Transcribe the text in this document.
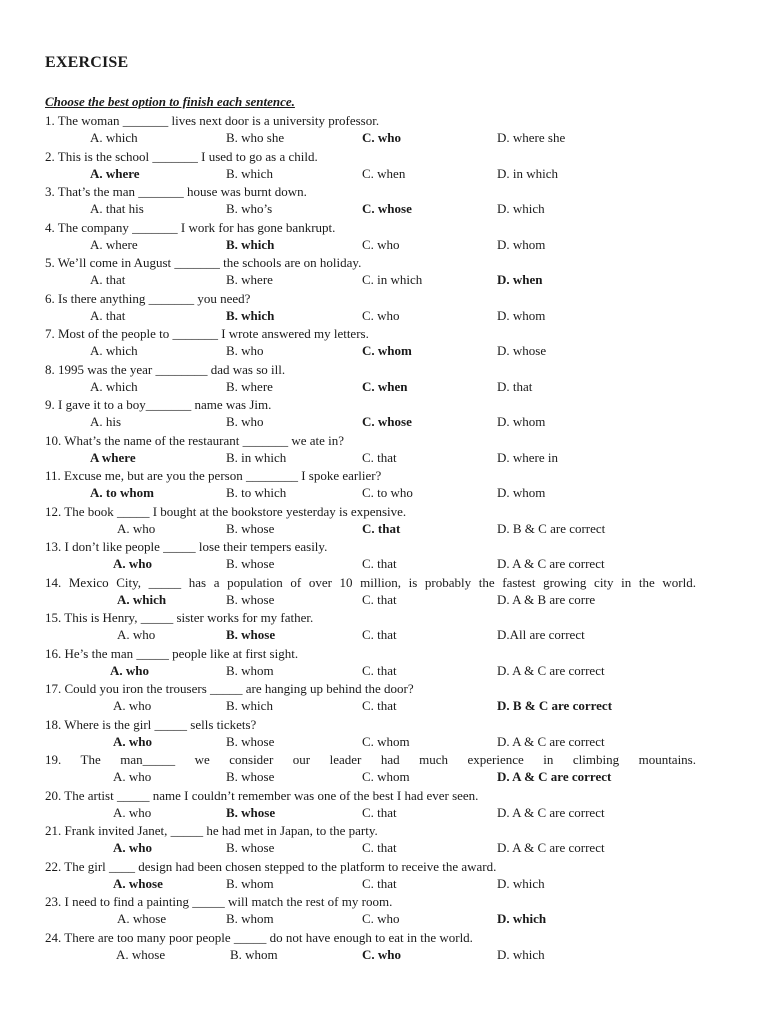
EXERCISE
Choose the best option to finish each sentence.
1. The woman _______ lives next door is a university professor.
A. which	B. who she	C. who	D. where she
2. This is the school _______ I used to go as a child.
A. where	B. which	C. when	D. in which
3. That’s the man _______ house was burnt down.
A. that his	B. who’s	C. whose	D. which
4. The company _______ I work for has gone bankrupt.
A. where	B. which	C. who	D. whom
5. We’ll come in August _______ the schools are on holiday.
A. that	B. where	C. in which	D. when
6. Is there anything _______ you need?
A. that	B. which	C. who	D. whom
7. Most of the people to _______ I wrote answered my letters.
A. which	B. who	C. whom	D. whose
8. 1995 was the year ________ dad was so ill.
A. which	B. where	C. when	D. that
9. I gave it to a boy_______ name was Jim.
A. his	B. who	C. whose	D. whom
10. What’s the name of the restaurant _______ we ate in?
A where	B. in which	C. that	D. where in
11. Excuse me, but are you the person ________ I spoke earlier?
A. to whom	B. to which	C. to who	D. whom
12. The book _____ I bought at the bookstore yesterday is expensive.
A. who	B. whose	C. that	D. B & C are correct
13. I don’t like people _____ lose their tempers easily.
A. who	B. whose	C. that	D. A & C are correct
14. Mexico City, _____ has a population of over 10 million, is probably the fastest growing city in the world.
A. which	B. whose	C. that	D. A & B are corre
15. This is Henry, _____ sister works for my father.
A. who	B. whose	C. that	D.All are correct
16. He’s the man _____ people like at first sight.
A. who	B. whom	C. that	D. A & C are correct
17. Could you iron the trousers _____ are hanging up behind the door?
A. who	B. which	C. that	D. B & C are correct
18. Where is the girl _____ sells tickets?
A. who	B. whose	C. whom	D. A & C are correct
19. The man_____ we consider our leader had much experience in climbing mountains.
A. who	B. whose	C. whom	D. A & C are correct
20. The artist _____ name I couldn’t remember was one of the best I had ever seen.
A. who	B. whose	C. that	D. A & C are correct
21. Frank invited Janet, _____ he had met in Japan, to the party.
A. who	B. whose	C. that	D. A & C are correct
22. The girl ____ design had been chosen stepped to the platform to receive the award.
A. whose	B. whom	C. that	D. which
23. I need to find a painting _____ will match the rest of my room.
A. whose	B. whom	C. who	D. which
24. There are too many poor people _____ do not have enough to eat in the world.
A. whose	B. whom	C. who	D. which
